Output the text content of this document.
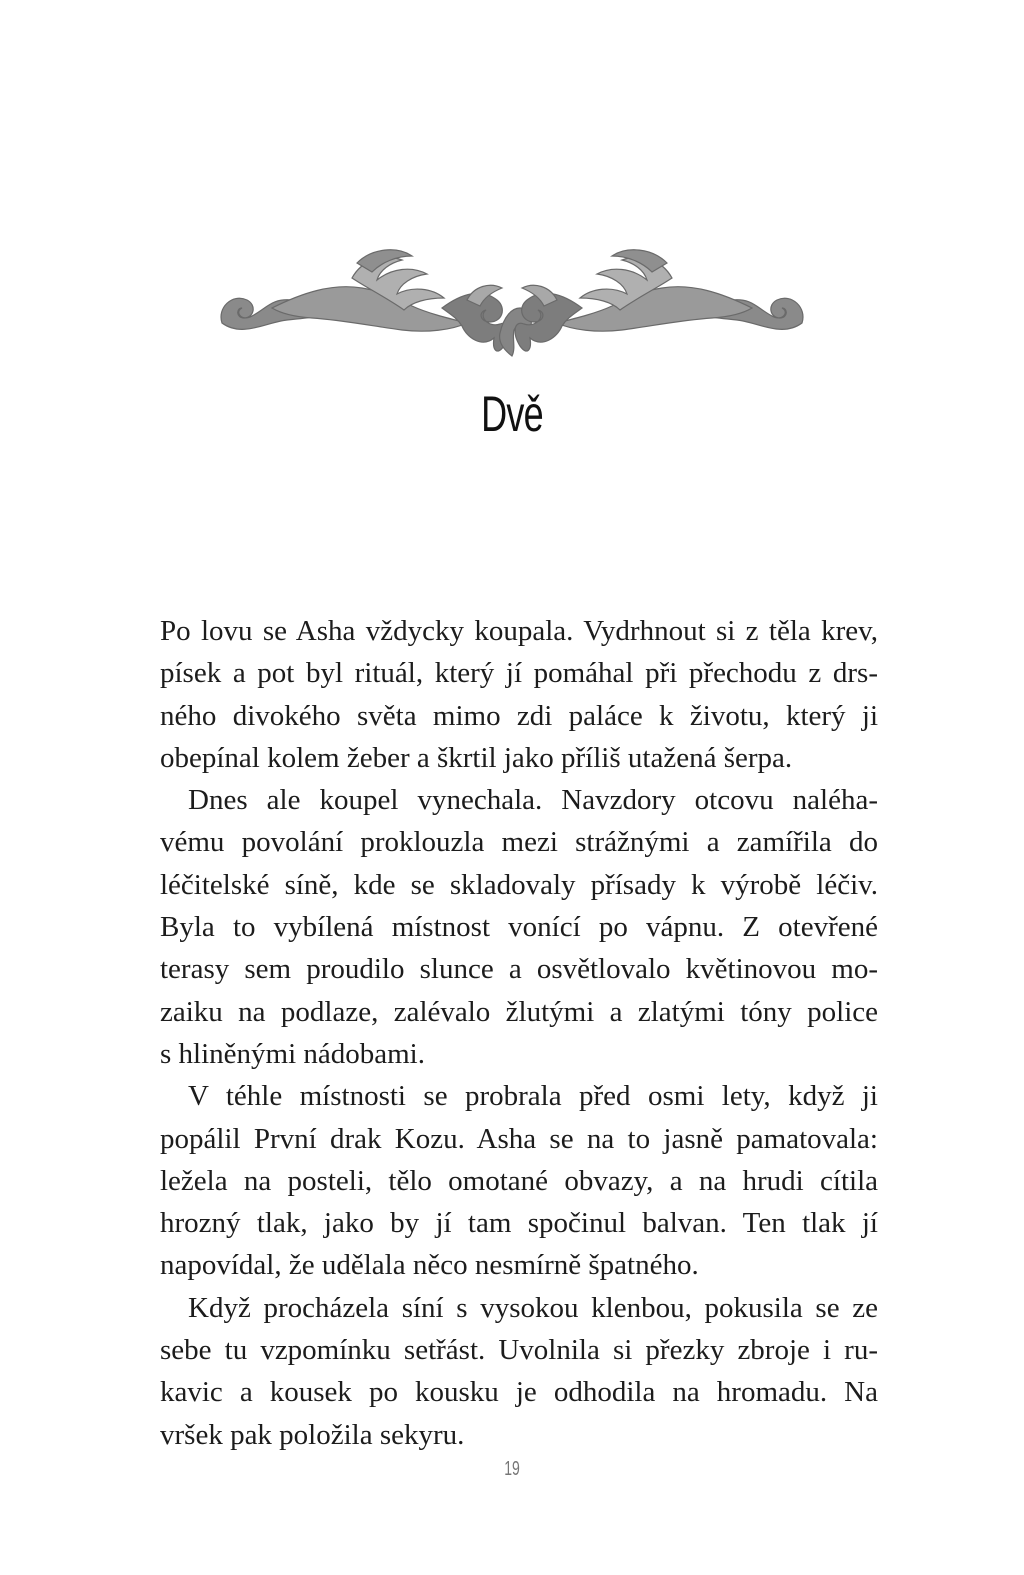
Dvě
Po lovu se Asha vždycky koupala. Vydrhnout si z těla krev,
písek a pot byl rituál, který jí pomáhal při přechodu z drs-
ného divokého světa mimo zdi paláce k životu, který ji
obepínal kolem žeber a škrtil jako příliš utažená šerpa.
Dnes ale koupel vynechala. Navzdory otcovu naléha-
vému povolání proklouzla mezi strážnými a zamířila do
léčitelské síně, kde se skladovaly přísady k výrobě léčiv.
Byla to vybílená místnost vonící po vápnu. Z otevřené
terasy sem proudilo slunce a osvětlovalo květinovou mo-
zaiku na podlaze, zalévalo žlutými a zlatými tóny police
s hliněnými nádobami.
V téhle místnosti se probrala před osmi lety, když ji
popálil První drak Kozu. Asha se na to jasně pamatovala:
ležela na posteli, tělo omotané obvazy, a na hrudi cítila
hrozný tlak, jako by jí tam spočinul balvan. Ten tlak jí
napovídal, že udělala něco nesmírně špatného.
Když procházela síní s vysokou klenbou, pokusila se ze
sebe tu vzpomínku setřást. Uvolnila si přezky zbroje i ru-
kavic a kousek po kousku je odhodila na hromadu. Na
vršek pak položila sekyru.
19
